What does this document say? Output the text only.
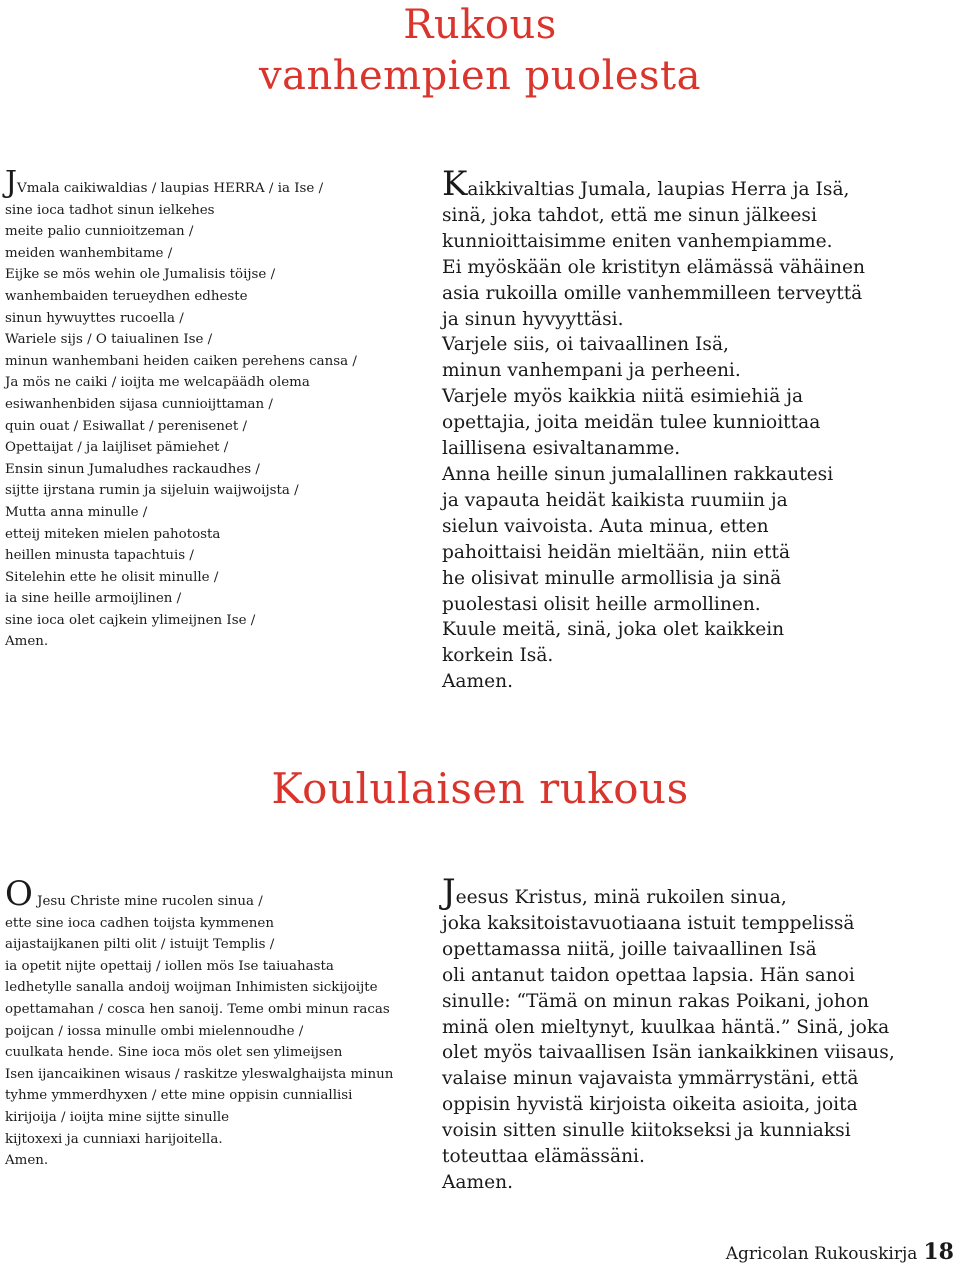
Rukous
vanhempien puolesta
JVmala caikiwaldias / laupias HERRA / ia Ise /
sine ioca tadhot sinun ielkehes
meite palio cunnioitzeman /
meiden wanhembitame /
Eijke se mös wehin ole Jumalisis töijse /
wanhembaiden terueydhen edheste
sinun hywuyttes rucoella /
Wariele sijs / O taiualinen Ise /
minun wanhembani heiden caiken perehens cansa /
Ja mös ne caiki / ioijta me welcapäädh olema
esiwanhenbiden sijasa cunnioijttaman /
quin ouat / Esiwallat / perenisenet /
Opettaijat / ja laijliset pämiehet /
Ensin sinun Jumaludhes rackaudhes /
sijtte ijrstana rumin ja sijeluin waijwoijsta /
Mutta anna minulle /
etteij miteken mielen pahotosta
heillen minusta tapachtuis /
Sitelehin ette he olisit minulle /
ia sine heille armoijlinen /
sine ioca olet cajkein ylimeijnen Ise /
Amen.
Kaikkivaltias Jumala, laupias Herra ja Isä,
sinä, joka tahdot, että me sinun jälkeesi
kunnioittaisimme eniten vanhempiamme.
Ei myöskään ole kristityn elämässä vähäinen
asia rukoilla omille vanhemmilleen terveyttä
ja sinun hyvyyttäsi.
Varjele siis, oi taivaallinen Isä,
minun vanhempani ja perheeni.
Varjele myös kaikkia niitä esimiehiä ja
opettajia, joita meidän tulee kunnioittaa
laillisena esivaltanamme.
Anna heille sinun jumalallinen rakkautesi
ja vapauta heidät kaikista ruumiin ja
sielun vaivoista. Auta minua, etten
pahoittaisi heidän mieltään, niin että
he olisivat minulle armollisia ja sinä
puolestasi olisit heille armollinen.
Kuule meitä, sinä, joka olet kaikkein
korkein Isä.
Aamen.
Koululaisen rukous
O Jesu Christe mine rucolen sinua /
ette sine ioca cadhen toijsta kymmenen
aijastaijkanen pilti olit / istuijt Templis /
ia opetit nijte opettaij / iollen mös Ise taiuahasta
ledhetylle sanalla andoij woijman Inhimisten sickijoijte
opettamahan / cosca hen sanoij. Teme ombi minun racas
poijcan / iossa minulle ombi mielennoudhe /
cuulkata hende. Sine ioca mös olet sen ylimeijsen
Isen ijancaikinen wisaus / raskitze yleswalghaijsta minun
tyhme ymmerdhyxen / ette mine oppisin cunniallisi
kirijoija / ioijta mine sijtte sinulle
kijtoxexi ja cunniaxi harijoitella.
Amen.
Jeesus Kristus, minä rukoilen sinua,
joka kaksitoistavuotiaana istuit temppelissä
opettamassa niitä, joille taivaallinen Isä
oli antanut taidon opettaa lapsia. Hän sanoi
sinulle: “Tämä on minun rakas Poikani, johon
minä olen mieltynyt, kuulkaa häntä.” Sinä, joka
olet myös taivaallisen Isän iankaikkinen viisaus,
valaise minun vajavaista ymmärrystäni, että
oppisin hyvistä kirjoista oikeita asioita, joita
voisin sitten sinulle kiitokseksi ja kunniaksi
toteuttaa elämässäni.
Aamen.
Agricolan Rukouskirja 18
